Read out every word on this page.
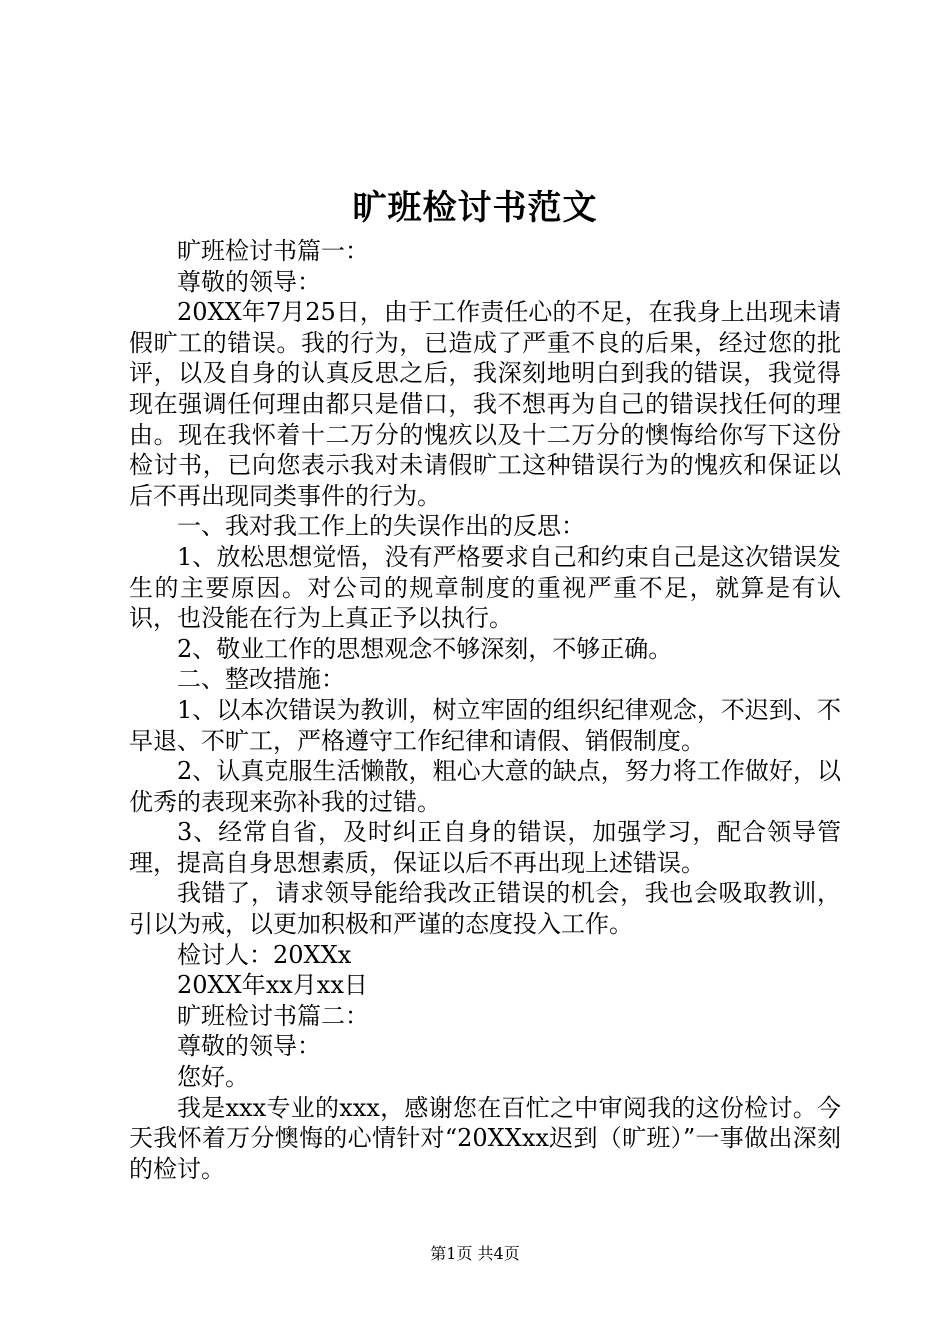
旷班检讨书范文

旷班检讨书篇一：

尊敬的领导：

20XX年7月25日，由于工作责任心的不足，在我身上出现未请假旷工的错误。我的行为，已造成了严重不良的后果，经过您的批评，以及自身的认真反思之后，我深刻地明白到我的错误，我觉得现在强调任何理由都只是借口，我不想再为自己的错误找任何的理由。现在我怀着十二万分的愧疚以及十二万分的懊悔给你写下这份检讨书，已向您表示我对未请假旷工这种错误行为的愧疚和保证以后不再出现同类事件的行为。

一、我对我工作上的失误作出的反思：

1、放松思想觉悟，没有严格要求自己和约束自己是这次错误发生的主要原因。对公司的规章制度的重视严重不足，就算是有认识，也没能在行为上真正予以执行。

2、敬业工作的思想观念不够深刻，不够正确。

二、整改措施：

1、以本次错误为教训，树立牢固的组织纪律观念，不迟到、不早退、不旷工，严格遵守工作纪律和请假、销假制度。

2、认真克服生活懒散，粗心大意的缺点，努力将工作做好，以优秀的表现来弥补我的过错。

3、经常自省，及时纠正自身的错误，加强学习，配合领导管理，提高自身思想素质，保证以后不再出现上述错误。

我错了，请求领导能给我改正错误的机会，我也会吸取教训，引以为戒，以更加积极和严谨的态度投入工作。

检讨人：20XXx

20XX年xx月xx日

旷班检讨书篇二：

尊敬的领导：

您好。

我是xxx专业的xxx，感谢您在百忙之中审阅我的这份检讨。今天我怀着万分懊悔的心情针对“20XXxx迟到（旷班）”一事做出深刻的检讨。

第1页 共4页
